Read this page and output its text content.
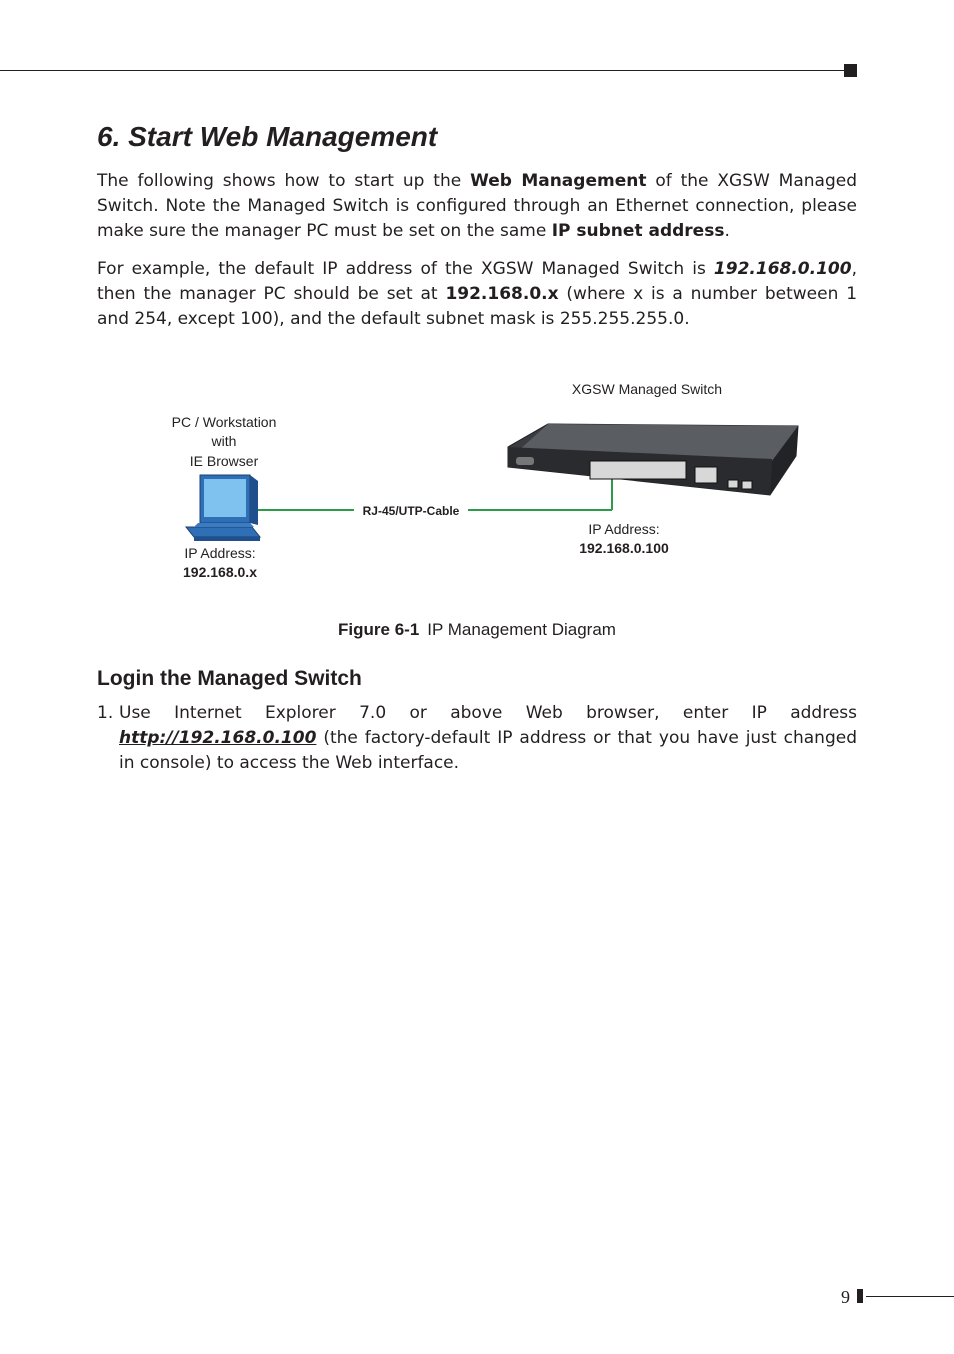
6. Start Web Management

The following shows how to start up the Web Management of the XGSW Managed Switch. Note the Managed Switch is configured through an Ethernet connection, please make sure the manager PC must be set on the same IP subnet address.

For example, the default IP address of the XGSW Managed Switch is 192.168.0.100, then the manager PC should be set at 192.168.0.x (where x is a number between 1 and 254, except 100), and the default subnet mask is 255.255.255.0.

XGSW Managed Switch
PC / Workstation
with
IE Browser
RJ-45/UTP-Cable
IP Address:
192.168.0.100
IP Address:
192.168.0.x
Figure 6-1 IP Management Diagram
Login the Managed Switch
1. Use Internet Explorer 7.0 or above Web browser, enter IP address http://192.168.0.100 (the factory-default IP address or that you have just changed in console) to access the Web interface.

9
